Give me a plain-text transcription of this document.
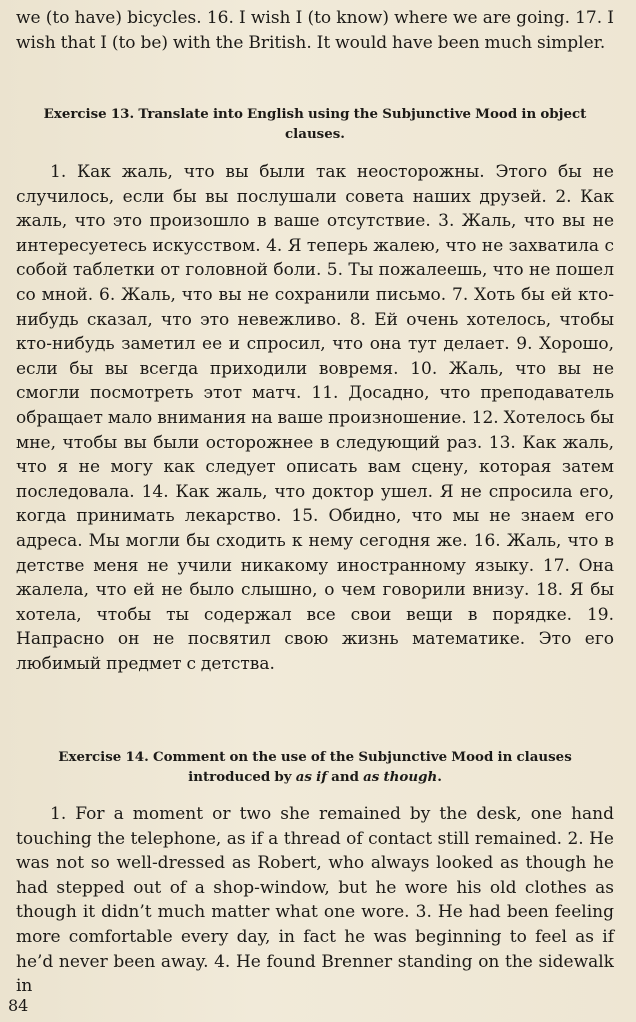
we (to have) bicycles. 16. I wish I (to know) where we are going. 17. I wish that I (to be) with the British. It would have been much simpler.

Exercise 13. Translate into English using the Subjunctive Mood in object clauses.

1. Как жаль, что вы были так неосторожны. Этого бы не случилось, если бы вы послушали совета наших друзей. 2. Как жаль, что это произошло в ваше отсутствие. 3. Жаль, что вы не интересуетесь искусством. 4. Я теперь жалею, что не захватила с собой таблетки от головной боли. 5. Ты пожалеешь, что не пошел со мной. 6. Жаль, что вы не сохранили письмо. 7. Хоть бы ей кто-нибудь сказал, что это невежливо. 8. Ей очень хотелось, чтобы кто-нибудь заметил ее и спросил, что она тут делает. 9. Хорошо, если бы вы всегда приходили вовремя. 10. Жаль, что вы не смогли посмотреть этот матч. 11. Досадно, что преподаватель обращает мало внимания на ваше произношение. 12. Хотелось бы мне, чтобы вы были осторожнее в следующий раз. 13. Как жаль, что я не могу как следует описать вам сцену, которая затем последовала. 14. Как жаль, что доктор ушел. Я не спросила его, когда принимать лекарство. 15. Обидно, что мы не знаем его адреса. Мы могли бы сходить к нему сегодня же. 16. Жаль, что в детстве меня не учили никакому иностранному языку. 17. Она жалела, что ей не было слышно, о чем говорили внизу. 18. Я бы хотела, чтобы ты содержал все свои вещи в порядке. 19. Напрасно он не посвятил свою жизнь математике. Это его любимый предмет с детства.

Exercise 14. Comment on the use of the Subjunctive Mood in clauses introduced by as if and as though.

1. For a moment or two she remained by the desk, one hand touching the telephone, as if a thread of contact still remained. 2. He was not so well-dressed as Robert, who always looked as though he had stepped out of a shop-window, but he wore his old clothes as though it didn’t much matter what one wore. 3. He had been feeling more comfortable every day, in fact he was beginning to feel as if he’d never been away. 4. He found Brenner standing on the sidewalk in

84
